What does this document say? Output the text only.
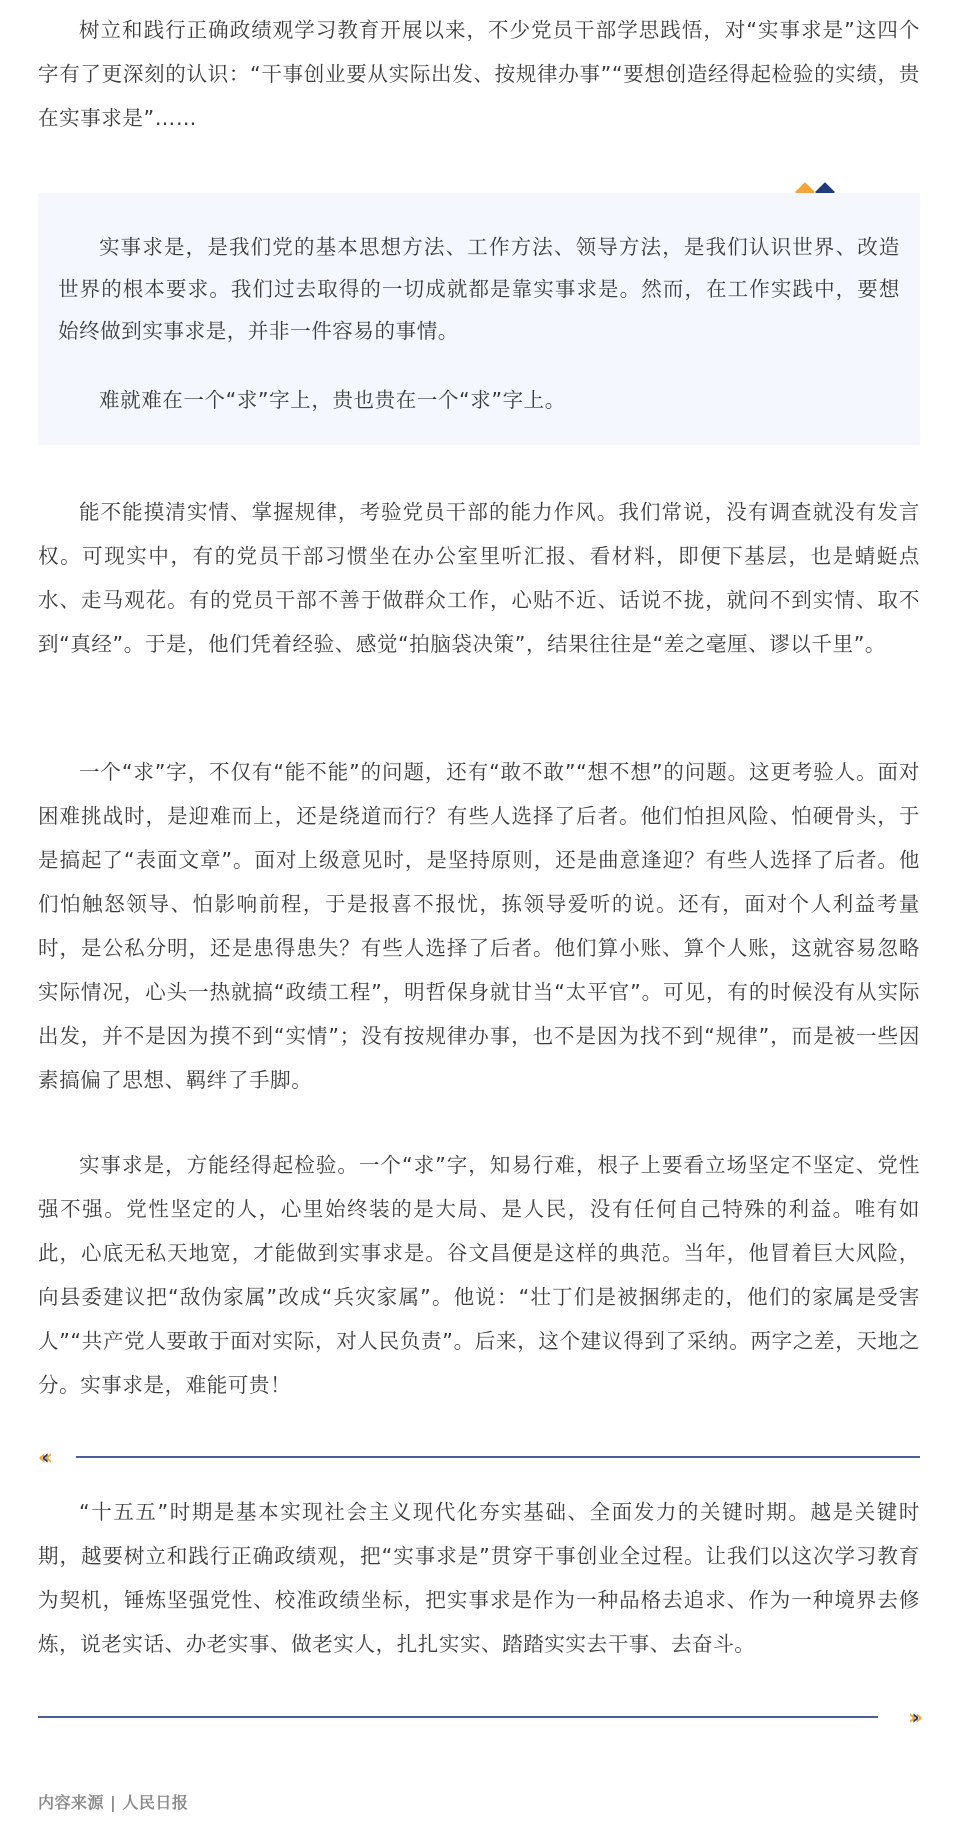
树立和践行正确政绩观学习教育开展以来，不少党员干部学思践悟，对“实事求是”这四个字有了更深刻的认识：“干事创业要从实际出发、按规律办事”“要想创造经得起检验的实绩，贵在实事求是”……

实事求是，是我们党的基本思想方法、工作方法、领导方法，是我们认识世界、改造世界的根本要求。我们过去取得的一切成就都是靠实事求是。然而，在工作实践中，要想始终做到实事求是，并非一件容易的事情。

难就难在一个“求”字上，贵也贵在一个“求”字上。

能不能摸清实情、掌握规律，考验党员干部的能力作风。我们常说，没有调查就没有发言权。可现实中，有的党员干部习惯坐在办公室里听汇报、看材料，即便下基层，也是蜻蜓点水、走马观花。有的党员干部不善于做群众工作，心贴不近、话说不拢，就问不到实情、取不到“真经”。于是，他们凭着经验、感觉“拍脑袋决策”，结果往往是“差之毫厘、谬以千里”。

一个“求”字，不仅有“能不能”的问题，还有“敢不敢”“想不想”的问题。这更考验人。面对困难挑战时，是迎难而上，还是绕道而行？有些人选择了后者。他们怕担风险、怕硬骨头，于是搞起了“表面文章”。面对上级意见时，是坚持原则，还是曲意逢迎？有些人选择了后者。他们怕触怒领导、怕影响前程，于是报喜不报忧，拣领导爱听的说。还有，面对个人利益考量时，是公私分明，还是患得患失？有些人选择了后者。他们算小账、算个人账，这就容易忽略实际情况，心头一热就搞“政绩工程”，明哲保身就甘当“太平官”。可见，有的时候没有从实际出发，并不是因为摸不到“实情”；没有按规律办事，也不是因为找不到“规律”，而是被一些因素搞偏了思想、羁绊了手脚。

实事求是，方能经得起检验。一个“求”字，知易行难，根子上要看立场坚定不坚定、党性强不强。党性坚定的人，心里始终装的是大局、是人民，没有任何自己特殊的利益。唯有如此，心底无私天地宽，才能做到实事求是。谷文昌便是这样的典范。当年，他冒着巨大风险，向县委建议把“敌伪家属”改成“兵灾家属”。他说：“壮丁们是被捆绑走的，他们的家属是受害人”“共产党人要敢于面对实际，对人民负责”。后来，这个建议得到了采纳。两字之差，天地之分。实事求是，难能可贵！

‹‹‹

“十五五”时期是基本实现社会主义现代化夯实基础、全面发力的关键时期。越是关键时期，越要树立和践行正确政绩观，把“实事求是”贯穿干事创业全过程。让我们以这次学习教育为契机，锤炼坚强党性、校准政绩坐标，把实事求是作为一种品格去追求、作为一种境界去修炼，说老实话、办老实事、做老实人，扎扎实实、踏踏实实去干事、去奋斗。

›››
内容来源 | 人民日报
